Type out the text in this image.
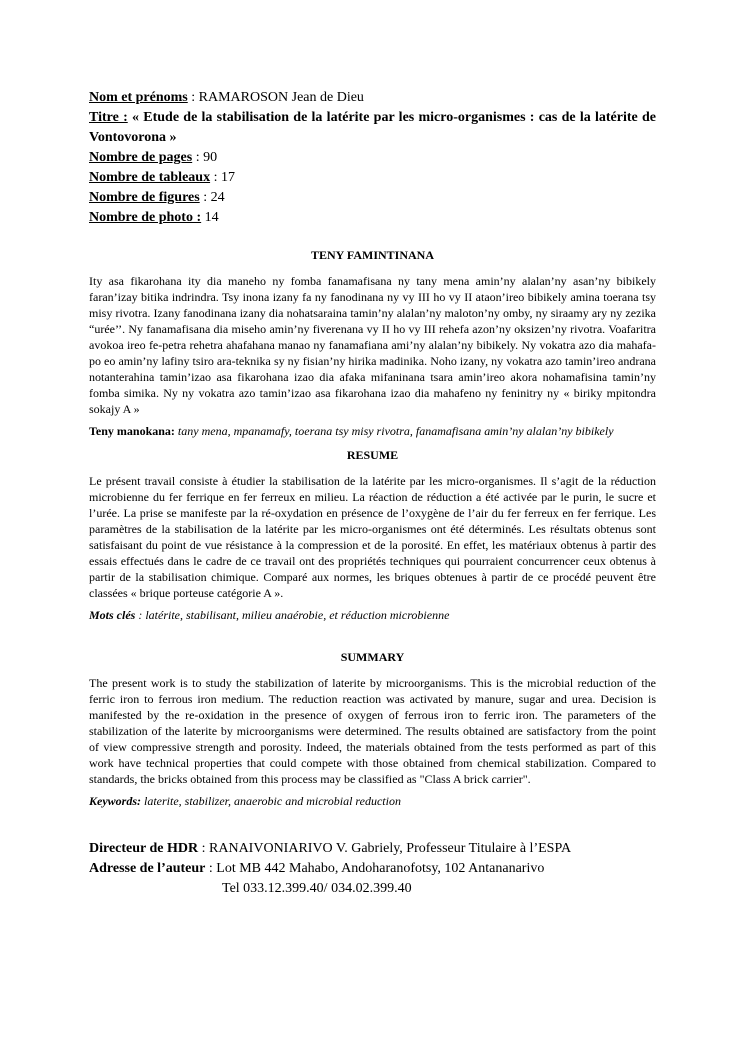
Nom et prénoms : RAMAROSON Jean de Dieu
Titre : « Etude de la stabilisation de la latérite par les micro-organismes : cas de la latérite de Vontovorona »
Nombre de pages : 90
Nombre de tableaux : 17
Nombre de figures : 24
Nombre de photo : 14
TENY FAMINTINANA

Ity asa fikarohana ity dia maneho ny fomba fanamafisana ny tany mena amin’ny alalan’ny asan’ny bibikely faran’izay bitika indrindra. Tsy inona izany fa ny fanodinana ny vy III ho vy II ataon’ireo bibikely amina toerana tsy misy rivotra. Izany fanodinana izany dia nohatsaraina tamin’ny alalan’ny maloton’ny omby, ny siraamy ary ny zezika “urée’’. Ny fanamafisana dia miseho amin’ny fiverenana vy II ho vy III rehefa azon’ny oksizen’ny rivotra. Voafaritra avokoa ireo fe-petra rehetra ahafahana manao ny fanamafiana ami’ny alalan’ny bibikely. Ny vokatra azo dia mahafa-po eo amin’ny lafiny tsiro ara-teknika sy ny fisian’ny hirika madinika. Noho izany, ny vokatra azo tamin’ireo andrana notanterahina tamin’izao asa fikarohana izao dia afaka mifaninana tsara amin’ireo akora nohamafisina tamin’ny fomba simika. Ny ny vokatra azo tamin’izao asa fikarohana izao dia mahafeno ny feninitry ny « biriky mpitondra sokajy A »

Teny manokana: tany mena, mpanamafy, toerana tsy misy rivotra, fanamafisana amin’ny alalan’ny bibikely

RESUME

Le présent travail consiste à étudier la stabilisation de la latérite par les micro-organismes. Il s’agit de la réduction microbienne du fer ferrique en fer ferreux en milieu. La réaction de réduction a été activée par le purin, le sucre et l’urée. La prise se manifeste par la ré-oxydation en présence de l’oxygène de l’air du fer ferreux en fer ferrique. Les paramètres de la stabilisation de la latérite par les micro-organismes ont été déterminés. Les résultats obtenus sont satisfaisant du point de vue résistance à la compression et de la porosité. En effet, les matériaux obtenus à partir des essais effectués dans le cadre de ce travail ont des propriétés techniques qui pourraient concurrencer ceux obtenus à partir de la stabilisation chimique. Comparé aux normes, les briques obtenues à partir de ce procédé peuvent être classées « brique porteuse catégorie A ».

Mots clés : latérite, stabilisant, milieu anaérobie, et réduction microbienne

SUMMARY

The present work is to study the stabilization of laterite by microorganisms. This is the microbial reduction of the ferric iron to ferrous iron medium. The reduction reaction was activated by manure, sugar and urea. Decision is manifested by the re-oxidation in the presence of oxygen of ferrous iron to ferric iron. The parameters of the stabilization of the laterite by microorganisms were determined. The results obtained are satisfactory from the point of view compressive strength and porosity. Indeed, the materials obtained from the tests performed as part of this work have technical properties that could compete with those obtained from chemical stabilization. Compared to standards, the bricks obtained from this process may be classified as "Class A brick carrier".

Keywords: laterite, stabilizer, anaerobic and microbial reduction

Directeur de HDR : RANAIVONIARIVO V. Gabriely, Professeur Titulaire à l’ESPA
Adresse de l’auteur : Lot MB 442 Mahabo, Andoharanofotsy, 102 Antananarivo
Tel 033.12.399.40/ 034.02.399.40
